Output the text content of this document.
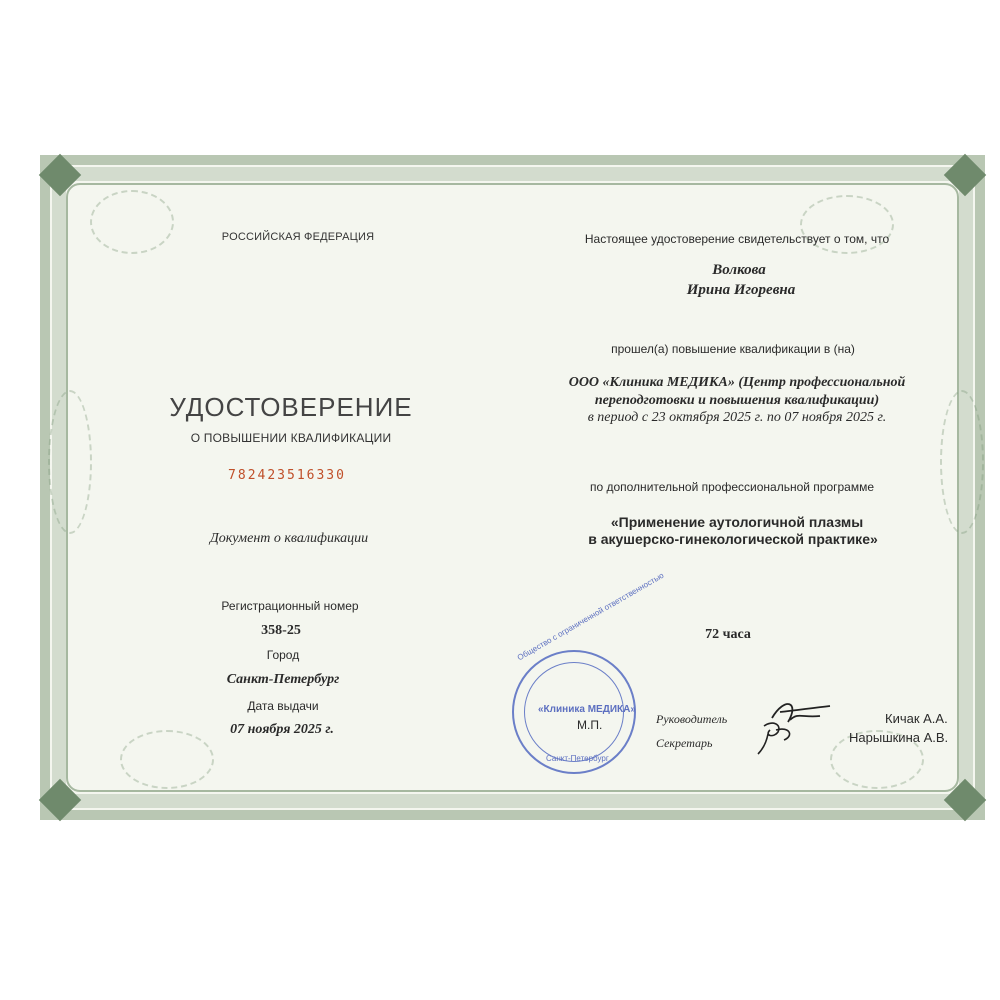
РОССИЙСКАЯ ФЕДЕРАЦИЯ
УДОСТОВЕРЕНИЕ
О ПОВЫШЕНИИ КВАЛИФИКАЦИИ
782423516330
Документ о квалификации
Регистрационный номер
358-25
Город
Санкт-Петербург
Дата выдачи
07 ноября 2025 г.
Настоящее удостоверение свидетельствует о том, что
Волкова
Ирина Игоревна
прошел(а) повышение квалификации в (на)
ООО «Клиника МЕДИКА» (Центр профессиональной
переподготовки и повышения квалификации)
в период с 23 октября 2025 г. по 07 ноября 2025 г.
по дополнительной профессиональной программе
«Применение аутологичной плазмы
в акушерско-гинекологической практике»
72 часа
Общество с ограниченной ответственностью
«Клиника МЕДИКА»
Санкт-Петербург
М.П.	Руководитель
Секретарь
Кичак А.А.
Нарышкина А.В.
